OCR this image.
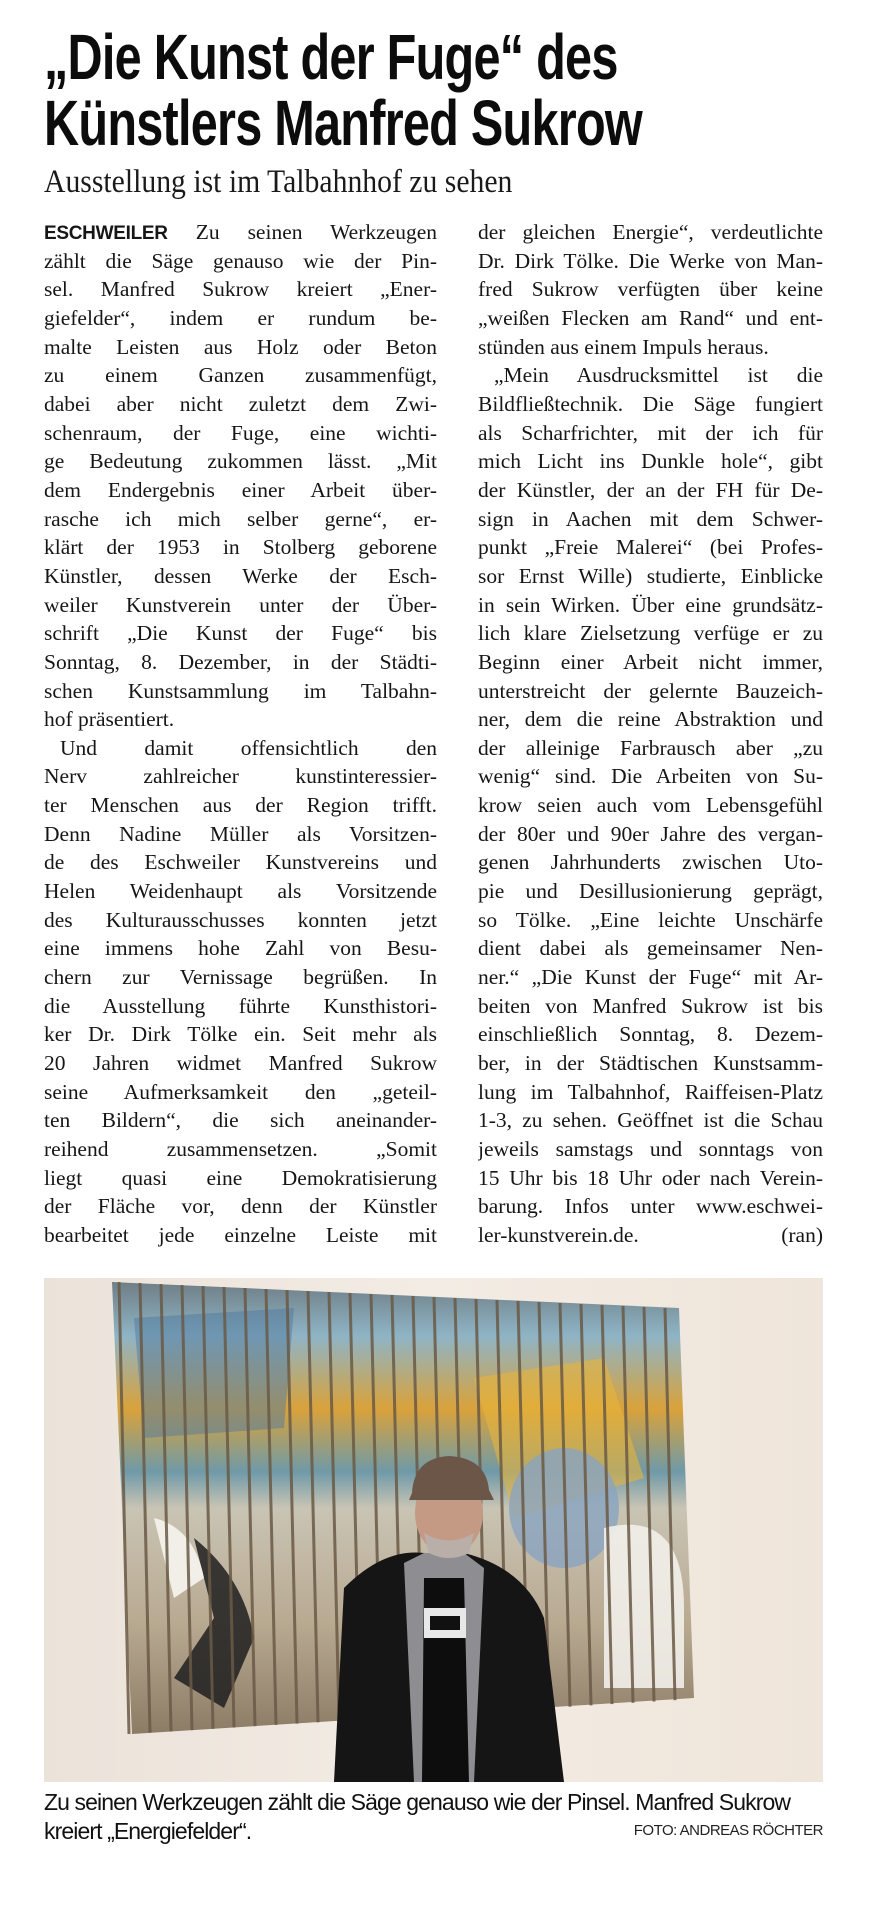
„Die Kunst der Fuge“ des
Künstlers Manfred Sukrow
Ausstellung ist im Talbahnhof zu sehen
ESCHWEILER Zu seinen Werkzeugen
zählt die Säge genauso wie der Pin-
sel. Manfred Sukrow kreiert „Ener-
giefelder“, indem er rundum be-
malte Leisten aus Holz oder Beton
zu einem Ganzen zusammenfügt,
dabei aber nicht zuletzt dem Zwi-
schenraum, der Fuge, eine wichti-
ge Bedeutung zukommen lässt. „Mit
dem Endergebnis einer Arbeit über-
rasche ich mich selber gerne“, er-
klärt der 1953 in Stolberg geborene
Künstler, dessen Werke der Esch-
weiler Kunstverein unter der Über-
schrift „Die Kunst der Fuge“ bis
Sonntag, 8. Dezember, in der Städti-
schen Kunstsammlung im Talbahn-
hof präsentiert.
Und damit offensichtlich den
Nerv zahlreicher kunstinteressier-
ter Menschen aus der Region trifft.
Denn Nadine Müller als Vorsitzen-
de des Eschweiler Kunstvereins und
Helen Weidenhaupt als Vorsitzende
des Kulturausschusses konnten jetzt
eine immens hohe Zahl von Besu-
chern zur Vernissage begrüßen. In
die Ausstellung führte Kunsthistori-
ker Dr. Dirk Tölke ein. Seit mehr als
20 Jahren widmet Manfred Sukrow
seine Aufmerksamkeit den „geteil-
ten Bildern“, die sich aneinander-
reihend zusammensetzen. „Somit
liegt quasi eine Demokratisierung
der Fläche vor, denn der Künstler
bearbeitet jede einzelne Leiste mit
der gleichen Energie“, verdeutlichte
Dr. Dirk Tölke. Die Werke von Man-
fred Sukrow verfügten über keine
„weißen Flecken am Rand“ und ent-
stünden aus einem Impuls heraus.
„Mein Ausdrucksmittel ist die
Bildfließtechnik. Die Säge fungiert
als Scharfrichter, mit der ich für
mich Licht ins Dunkle hole“, gibt
der Künstler, der an der FH für De-
sign in Aachen mit dem Schwer-
punkt „Freie Malerei“ (bei Profes-
sor Ernst Wille) studierte, Einblicke
in sein Wirken. Über eine grundsätz-
lich klare Zielsetzung verfüge er zu
Beginn einer Arbeit nicht immer,
unterstreicht der gelernte Bauzeich-
ner, dem die reine Abstraktion und
der alleinige Farbrausch aber „zu
wenig“ sind. Die Arbeiten von Su-
krow seien auch vom Lebensgefühl
der 80er und 90er Jahre des vergan-
genen Jahrhunderts zwischen Uto-
pie und Desillusionierung geprägt,
so Tölke. „Eine leichte Unschärfe
dient dabei als gemeinsamer Nen-
ner.“ „Die Kunst der Fuge“ mit Ar-
beiten von Manfred Sukrow ist bis
einschließlich Sonntag, 8. Dezem-
ber, in der Städtischen Kunstsamm-
lung im Talbahnhof, Raiffeisen-Platz
1-3, zu sehen. Geöffnet ist die Schau
jeweils samstags und sonntags von
15 Uhr bis 18 Uhr oder nach Verein-
barung. Infos unter www.eschwei-
(ran)
ler-kunstverein.de.
Zu seinen Werkzeugen zählt die Säge genauso wie der Pinsel. Manfred Sukrow kreiert „Energiefelder“.	FOTO: ANDREAS RÖCHTER
